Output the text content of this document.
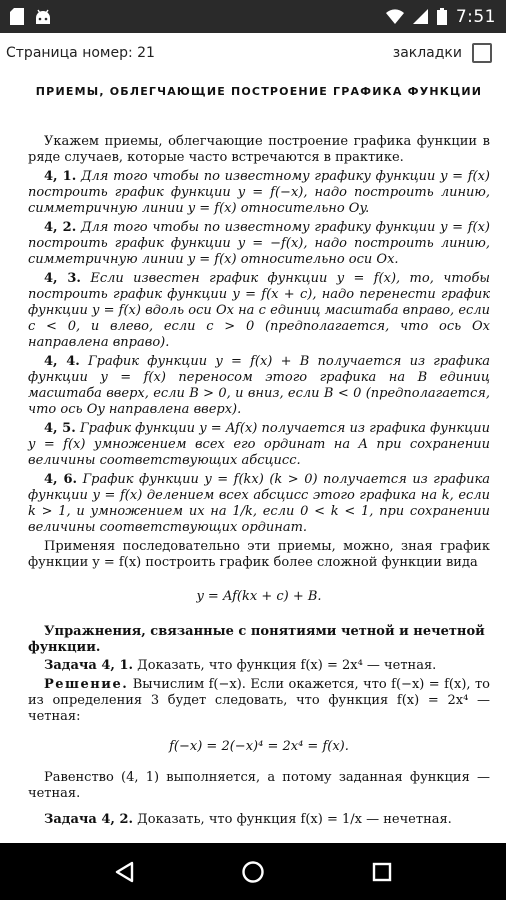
7:51
Страница номер: 21	закладки
ПРИЕМЫ, ОБЛЕГЧАЮЩИЕ ПОСТРОЕНИЕ ГРАФИКА ФУНКЦИИ

Укажем приемы, облегчающие построение графика функции в ряде случаев, которые часто встречаются в практике.

4, 1. Для того чтобы по известному графику функции y = f(x) построить график функции y = f(−x), надо построить линию, симметричную линии y = f(x) относительно Oy.

4, 2. Для того чтобы по известному графику функции y = f(x) построить график функции y = −f(x), надо построить линию, симметричную линии y = f(x) относительно оси Ox.

4, 3. Если известен график функции y = f(x), то, чтобы построить график функции y = f(x + c), надо перенести график функции y = f(x) вдоль оси Ox на c единиц масштаба вправо, если c < 0, и влево, если c > 0 (предполагается, что ось Ox направлена вправо).

4, 4. График функции y = f(x) + B получается из графика функции y = f(x) переносом этого графика на B единиц масштаба вверх, если B > 0, и вниз, если B < 0 (предполагается, что ось Oy направлена вверх).

4, 5. График функции y = Af(x) получается из графика функции y = f(x) умножением всех его ординат на A при сохранении величины соответствующих абсцисс.

4, 6. График функции y = f(kx) (k > 0) получается из графика функции y = f(x) делением всех абсцисс этого графика на k, если k > 1, и умножением их на 1/k, если 0 < k < 1, при сохранении величины соответствующих ординат.

Применяя последовательно эти приемы, можно, зная график функции y = f(x) построить график более сложной функции вида

y = Af(kx + c) + B.

Упражнения, связанные с понятиями четной и нечетной функции.

Задача 4, 1. Доказать, что функция f(x) = 2x⁴ — четная.

Решение. Вычислим f(−x). Если окажется, что f(−x) = f(x), то из определения 3 будет следовать, что функция f(x) = 2x⁴ — четная:

f(−x) = 2(−x)⁴ = 2x⁴ = f(x).

Равенство (4, 1) выполняется, а потому заданная функция — четная.

Задача 4, 2. Доказать, что функция f(x) = 1/x — нечетная.
